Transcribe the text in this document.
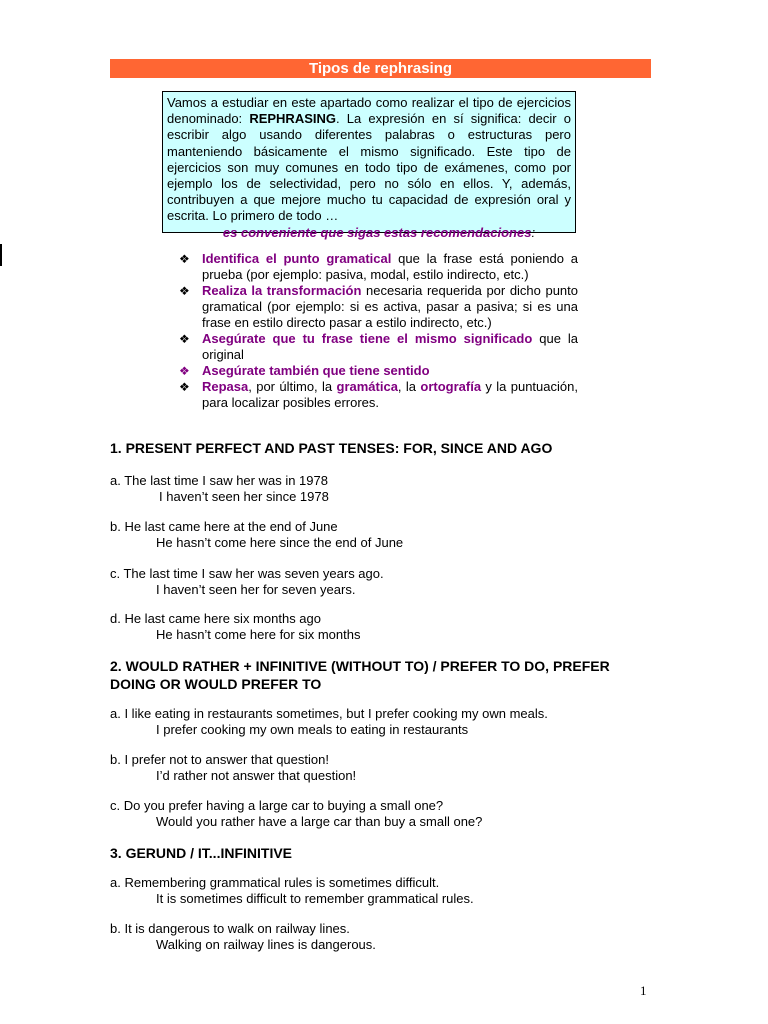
Tipos de rephrasing
Vamos a estudiar en este apartado como realizar el tipo de ejercicios denominado: REPHRASING. La expresión en sí significa: decir o escribir algo usando diferentes palabras o estructuras pero manteniendo básicamente el mismo significado. Este tipo de ejercicios son muy comunes en todo tipo de exámenes, como por ejemplo los de selectividad, pero no sólo en ellos. Y, además, contribuyen a que mejore mucho tu capacidad de expresión oral y escrita. Lo primero de todo …
es conveniente que sigas estas recomendaciones:
❖ Identifica el punto gramatical que la frase está poniendo a prueba (por ejemplo: pasiva, modal, estilo indirecto, etc.)
❖ Realiza la transformación necesaria requerida por dicho punto gramatical (por ejemplo: si es activa, pasar a pasiva; si es una frase en estilo directo pasar a estilo indirecto, etc.)
❖ Asegúrate que tu frase tiene el mismo significado que la original
❖ Asegúrate también que tiene sentido
❖ Repasa, por último, la gramática, la ortografía y la puntuación, para localizar posibles errores.
1. PRESENT PERFECT AND PAST TENSES: FOR, SINCE AND AGO
a. The last time I saw her was in 1978
I haven’t seen her since 1978
b. He last came here at the end of June
He hasn’t come here since the end of June
c. The last time I saw her was seven years ago.
I haven’t seen her for seven years.
d. He last came here six months ago
He hasn’t come here for six months
2. WOULD RATHER + INFINITIVE (WITHOUT TO) / PREFER TO DO, PREFER DOING OR WOULD PREFER TO
a. I like eating in restaurants sometimes, but I prefer cooking my own meals.
I prefer cooking my own meals to eating in restaurants
b. I prefer not to answer that question!
I’d rather not answer that question!
c. Do you prefer having a large car to buying a small one?
Would you rather have a large car than buy a small one?
3. GERUND / IT...INFINITIVE
a. Remembering grammatical rules is sometimes difficult.
It is sometimes difficult to remember grammatical rules.
b. It is dangerous to walk on railway lines.
Walking on railway lines is dangerous.
1
